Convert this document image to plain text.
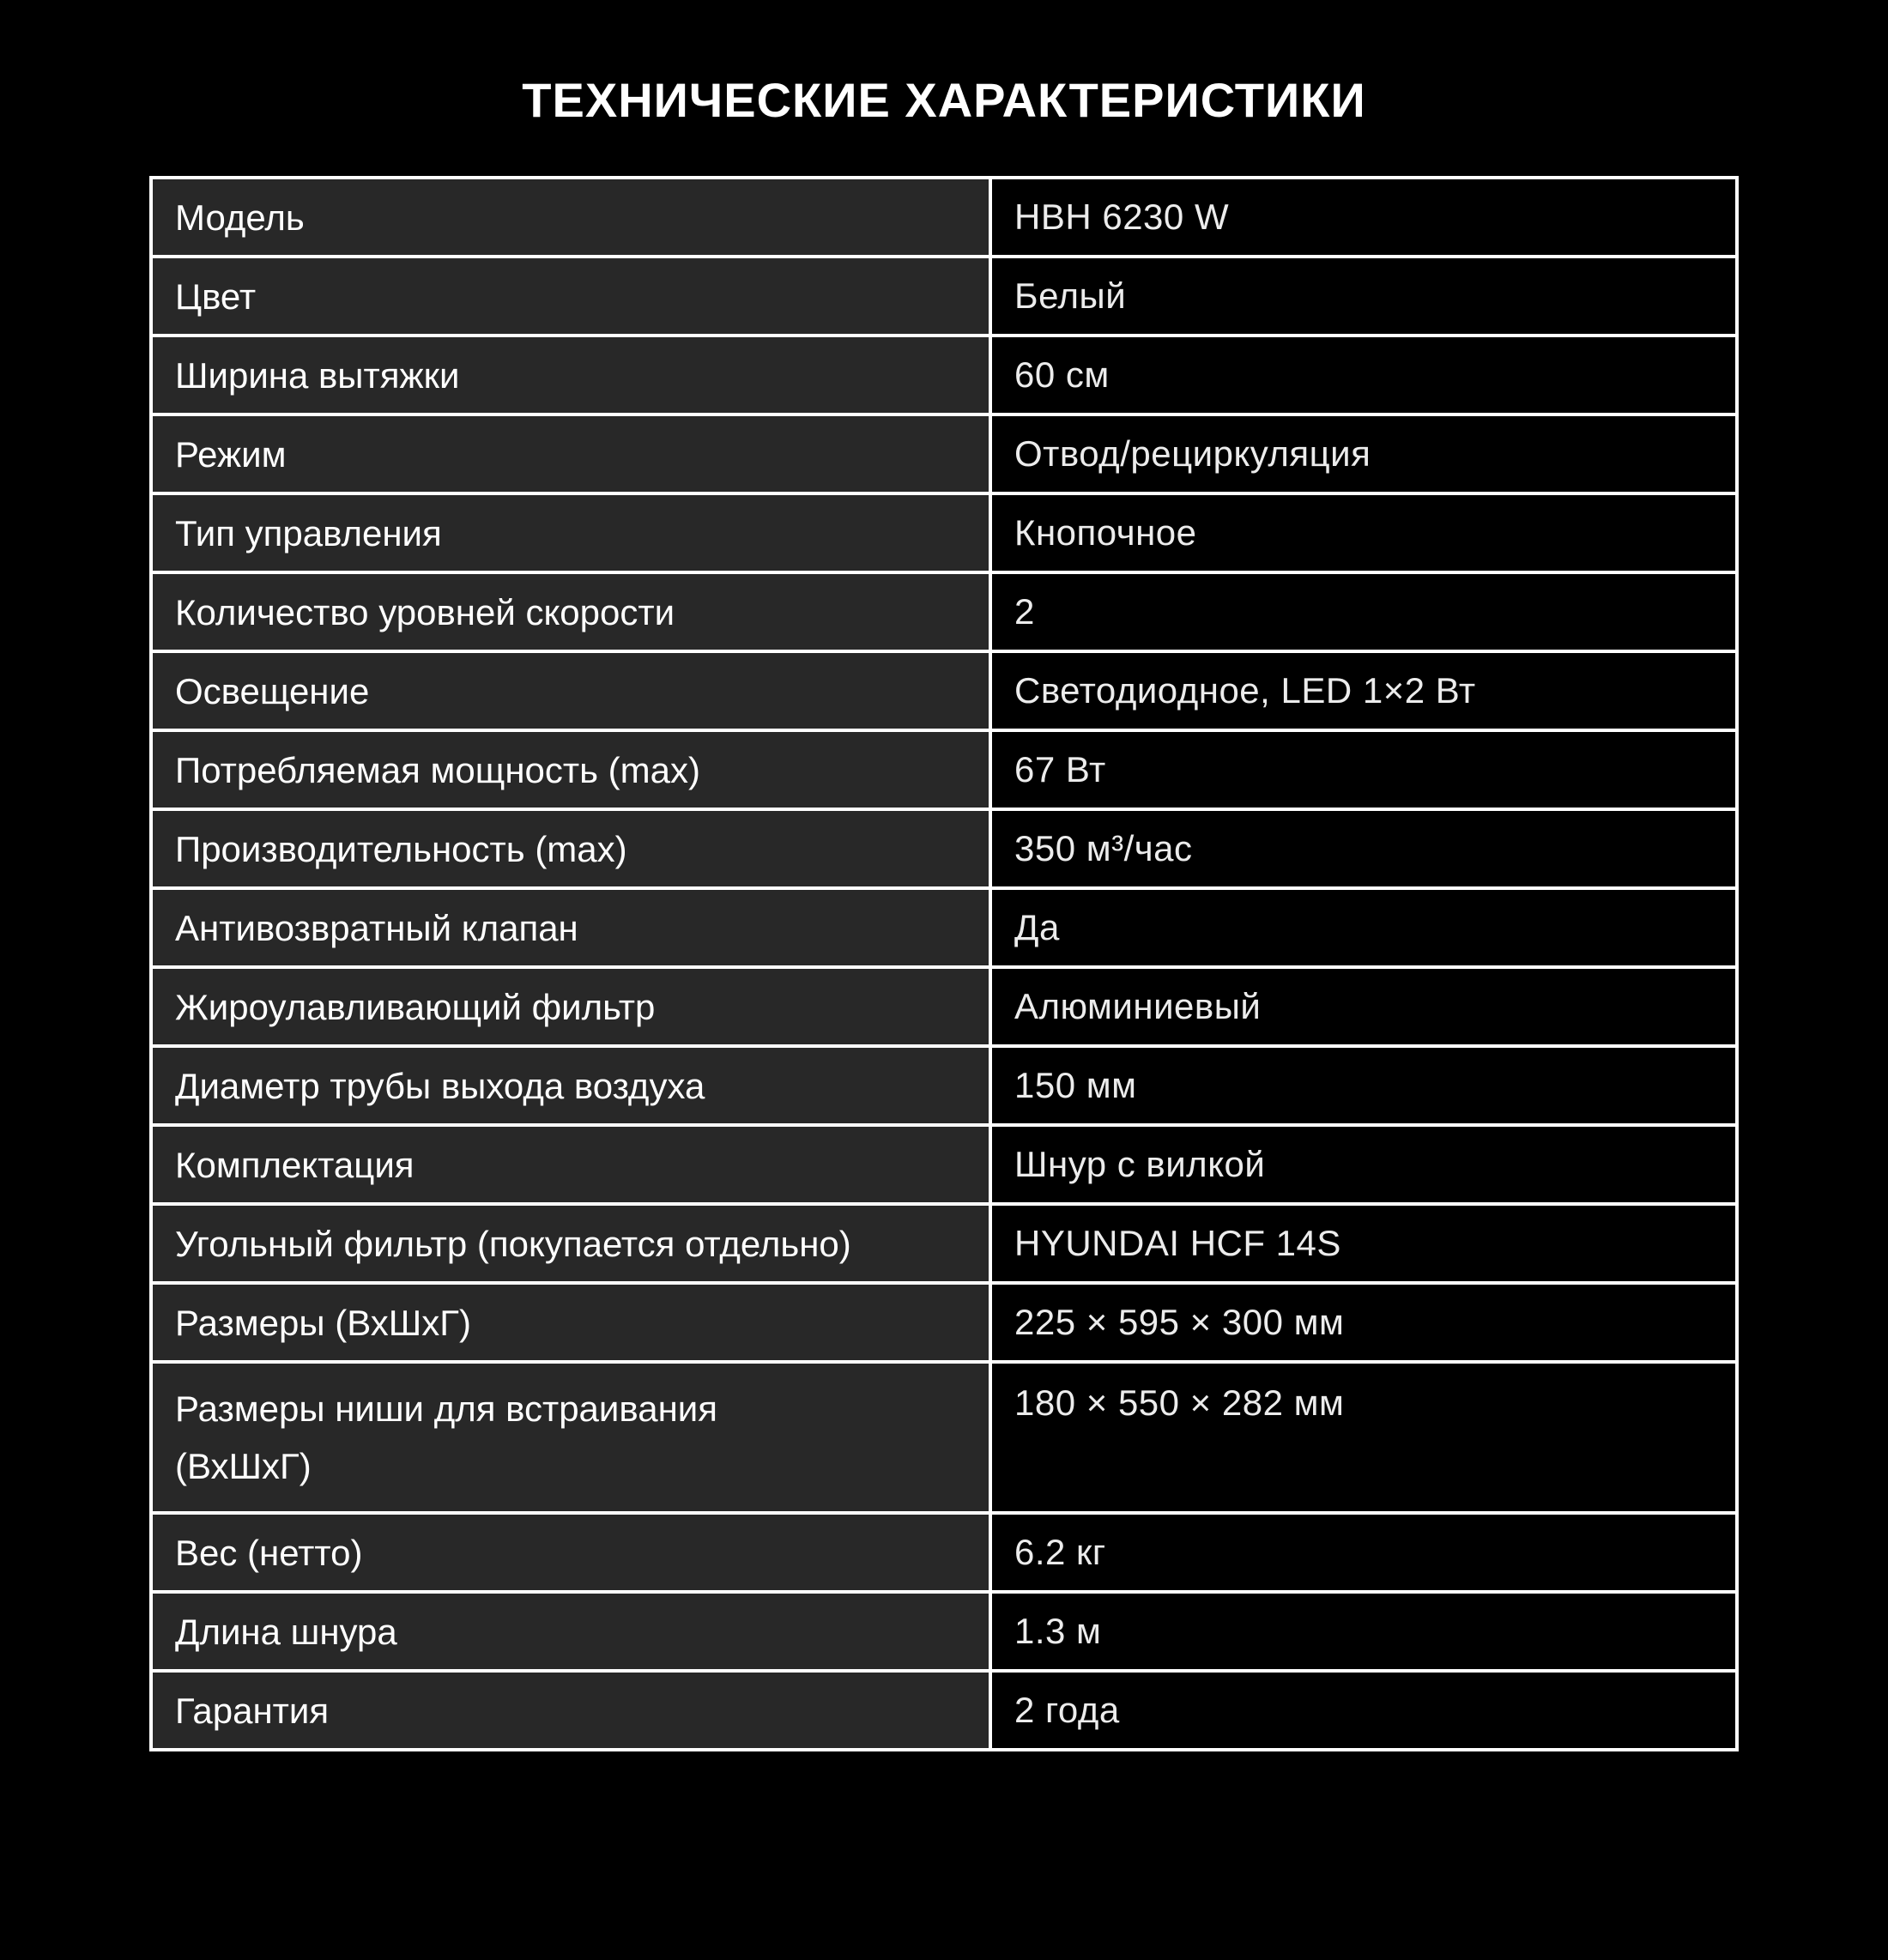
ТЕХНИЧЕСКИЕ ХАРАКТЕРИСТИКИ
Модель	HBH 6230 W
Цвет	Белый
Ширина вытяжки	60 см
Режим	Отвод/рециркуляция
Тип управления	Кнопочное
Количество уровней скорости	2
Освещение	Светодиодное, LED 1×2 Вт
Потребляемая мощность (max)	67 Вт
Производительность (max)	350 м³/час
Антивозвратный клапан	Да
Жироулавливающий фильтр	Алюминиевый
Диаметр трубы выхода воздуха	150 мм
Комплектация	Шнур с вилкой
Угольный фильтр (покупается отдельно)	HYUNDAI HCF 14S
Размеры (ВхШхГ)	225 × 595 × 300 мм
Размеры ниши для встраивания
(ВхШхГ)	180 × 550 × 282 мм
Вес (нетто)	6.2 кг
Длина шнура	1.3 м
Гарантия	2 года
